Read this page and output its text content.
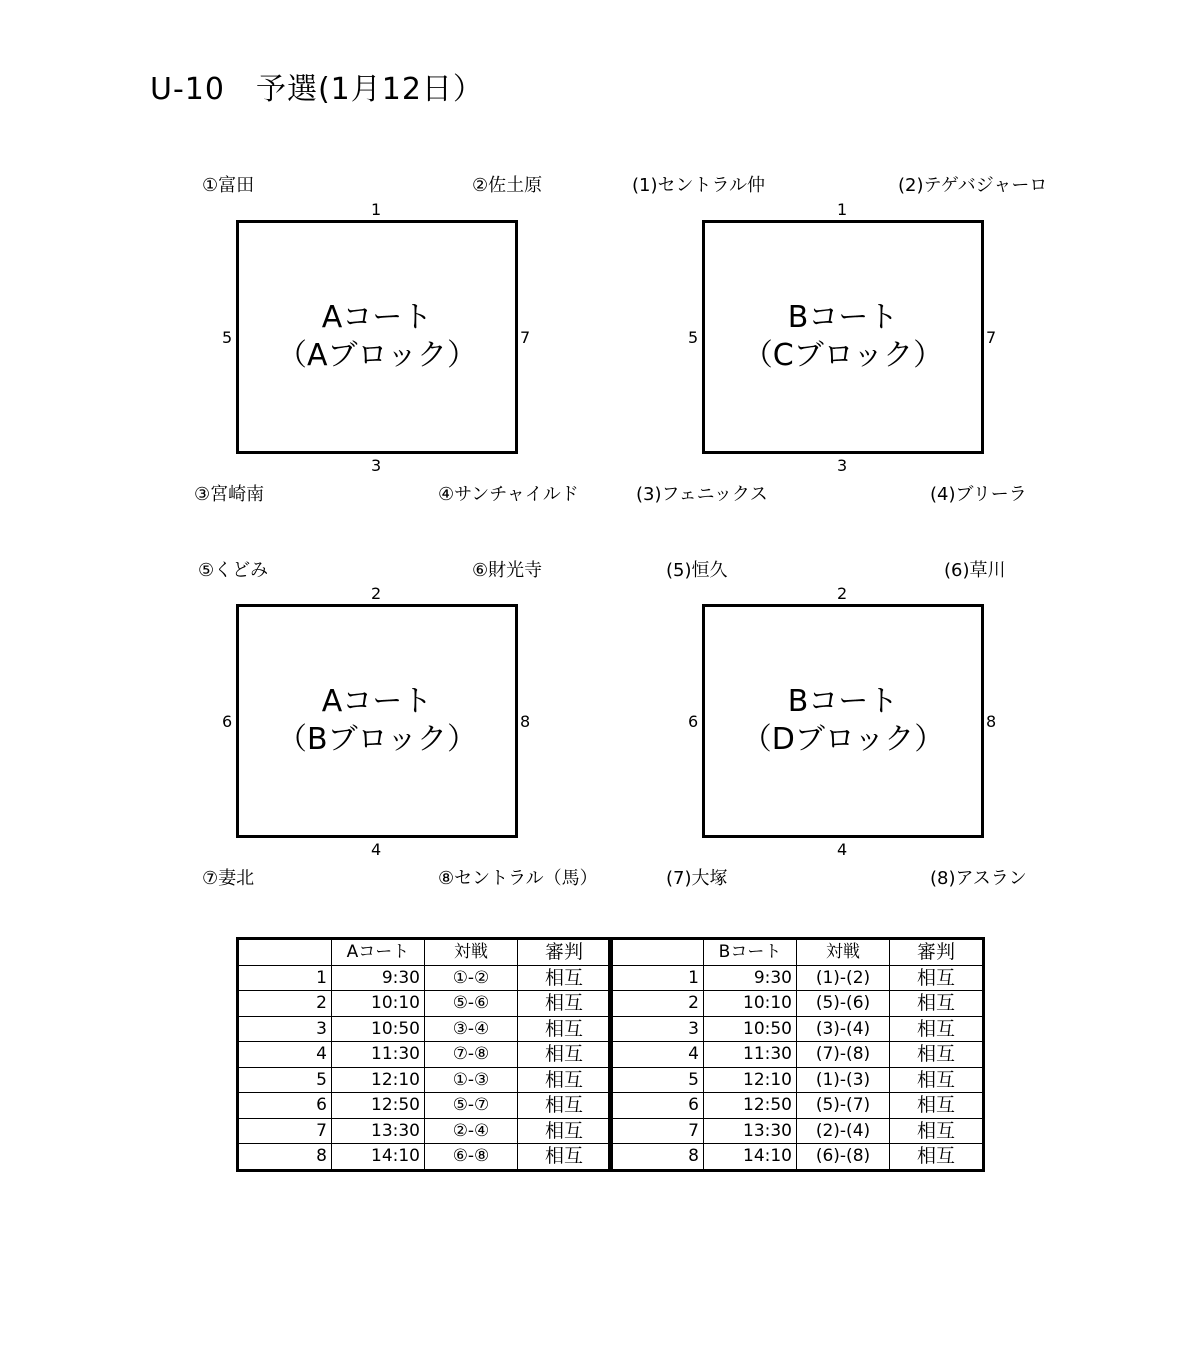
U-10　予選(1月12日）
①富田	②佐土原
1
5	7
3
③宮崎南	④サンチャイルド
Aコート
（Aブロック）
(1)セントラル仲	(2)テゲバジャーロ
1
5	7
3
(3)フェニックス	(4)ブリーラ
Bコート
（Cブロック）
⑤くどみ	⑥財光寺
2
6	8
4
⑦妻北	⑧セントラル（馬）
Aコート
（Bブロック）
(5)恒久	(6)草川
2
6	8
4
(7)大塚	(8)アスラン
Bコート
（Dブロック）
	Aコート	対戦	審判
1	9:30	①-②	相互
2	10:10	⑤-⑥	相互
3	10:50	③-④	相互
4	11:30	⑦-⑧	相互
5	12:10	①-③	相互
6	12:50	⑤-⑦	相互
7	13:30	②-④	相互
8	14:10	⑥-⑧	相互
	Bコート	対戦	審判
1	9:30	(1)-(2)	相互
2	10:10	(5)-(6)	相互
3	10:50	(3)-(4)	相互
4	11:30	(7)-(8)	相互
5	12:10	(1)-(3)	相互
6	12:50	(5)-(7)	相互
7	13:30	(2)-(4)	相互
8	14:10	(6)-(8)	相互
